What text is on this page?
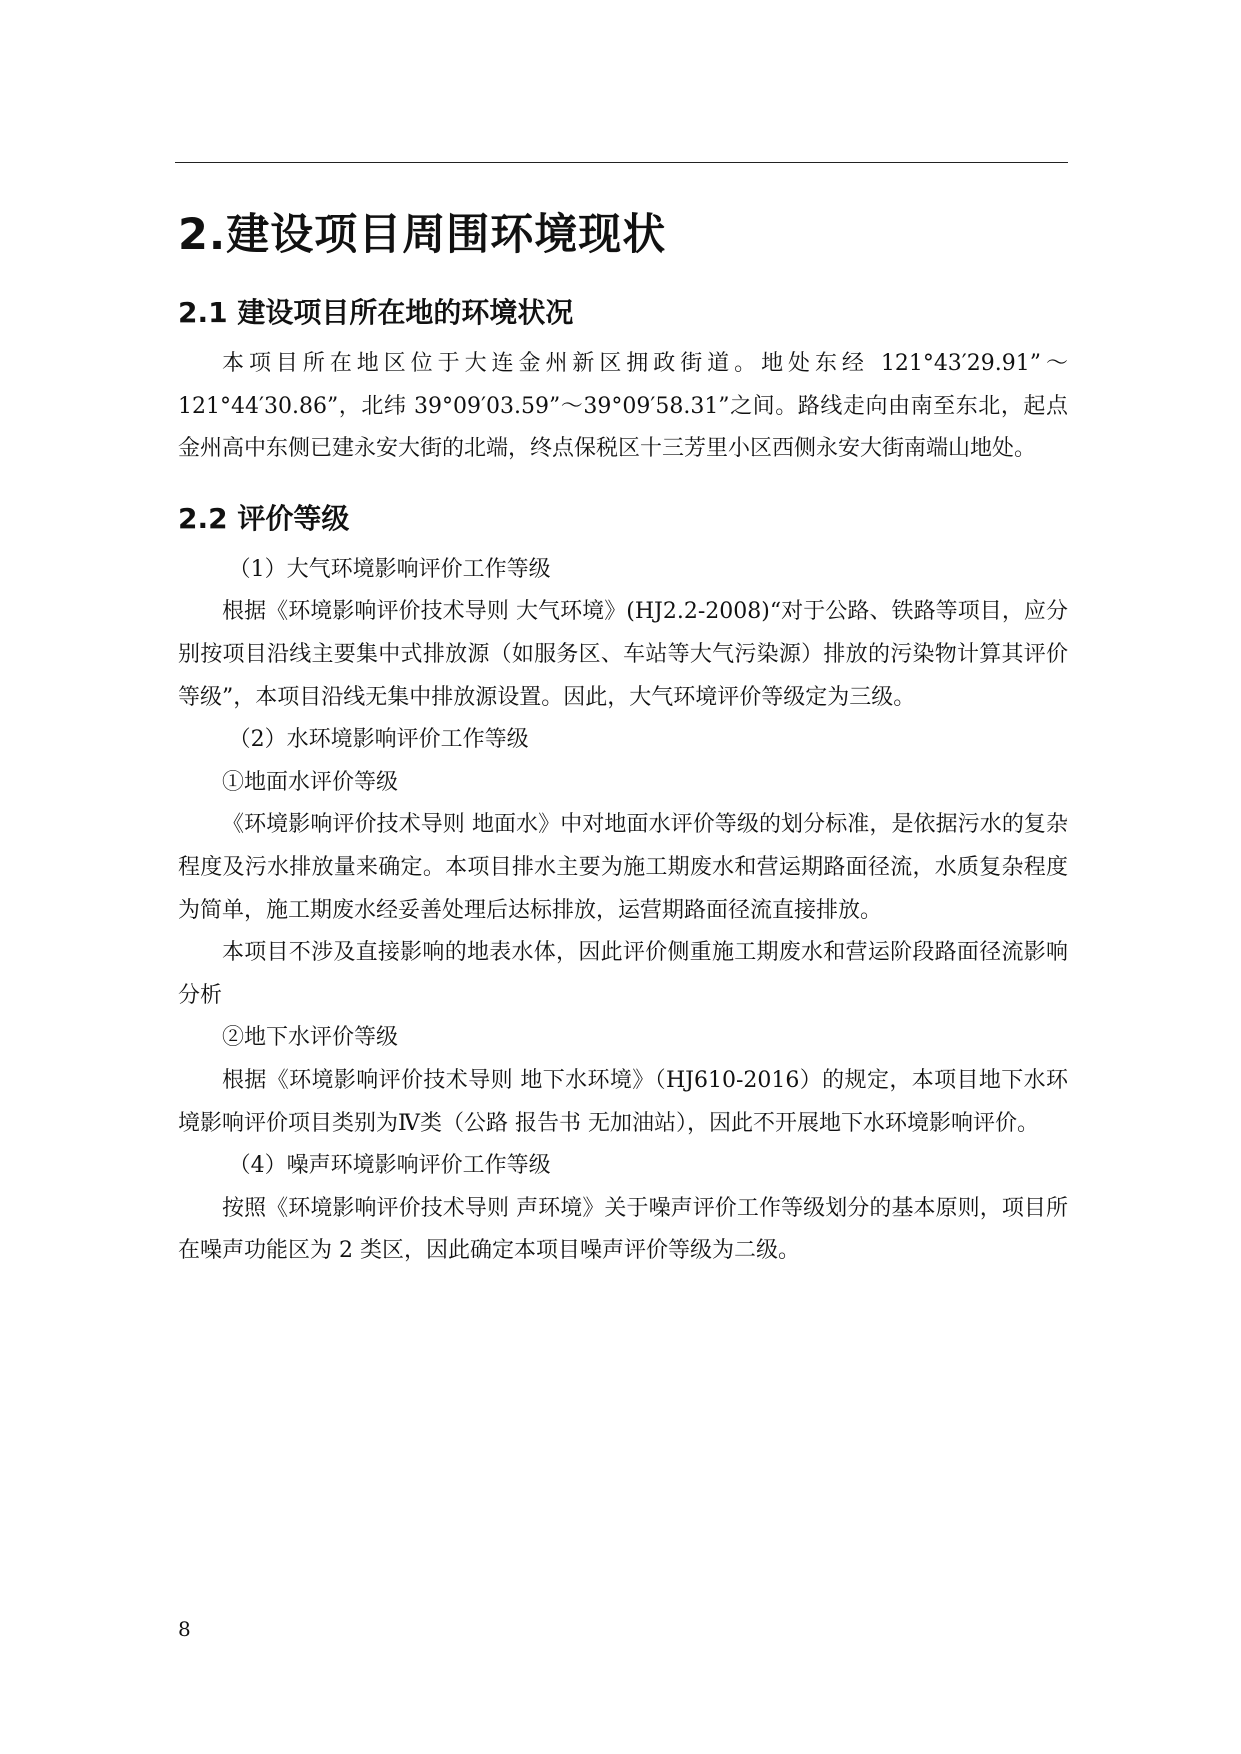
2.建设项目周围环境现状
2.1 建设项目所在地的环境状况

本项目所在地区位于大连金州新区拥政街道。地处东经 121°43′29.91”～121°44′30.86”，北纬 39°09′03.59”～39°09′58.31”之间。路线走向由南至东北，起点金州高中东侧已建永安大街的北端，终点保税区十三芳里小区西侧永安大街南端山地处。

2.2 评价等级

（1）大气环境影响评价工作等级

根据《环境影响评价技术导则 大气环境》(HJ2.2-2008)“对于公路、铁路等项目，应分别按项目沿线主要集中式排放源（如服务区、车站等大气污染源）排放的污染物计算其评价等级”，本项目沿线无集中排放源设置。因此，大气环境评价等级定为三级。

（2）水环境影响评价工作等级

①地面水评价等级

《环境影响评价技术导则 地面水》中对地面水评价等级的划分标准，是依据污水的复杂程度及污水排放量来确定。本项目排水主要为施工期废水和营运期路面径流，水质复杂程度为简单，施工期废水经妥善处理后达标排放，运营期路面径流直接排放。

本项目不涉及直接影响的地表水体，因此评价侧重施工期废水和营运阶段路面径流影响分析

②地下水评价等级

根据《环境影响评价技术导则 地下水环境》（HJ610-2016）的规定，本项目地下水环境影响评价项目类别为Ⅳ类（公路 报告书 无加油站），因此不开展地下水环境影响评价。

（4）噪声环境影响评价工作等级

按照《环境影响评价技术导则 声环境》关于噪声评价工作等级划分的基本原则，项目所在噪声功能区为 2 类区，因此确定本项目噪声评价等级为二级。

8
